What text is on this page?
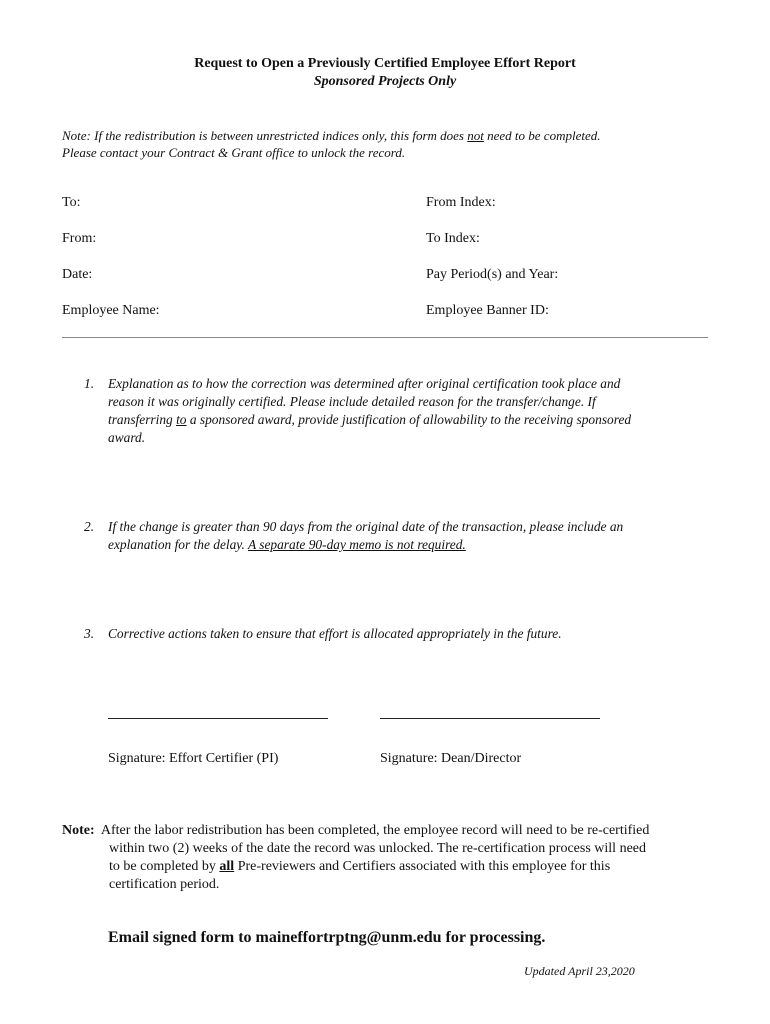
Request to Open a Previously Certified Employee Effort Report
Sponsored Projects Only
Note: If the redistribution is between unrestricted indices only, this form does not need to be completed.
Please contact your Contract & Grant office to unlock the record.
To:	From Index:
From:	To Index:
Date:	Pay Period(s) and Year:
Employee Name:	Employee Banner ID:
1. Explanation as to how the correction was determined after original certification took place and
reason it was originally certified. Please include detailed reason for the transfer/change. If
transferring to a sponsored award, provide justification of allowability to the receiving sponsored
award.
2. If the change is greater than 90 days from the original date of the transaction, please include an
explanation for the delay. A separate 90-day memo is not required.
3. Corrective actions taken to ensure that effort is allocated appropriately in the future.
Signature: Effort Certifier (PI)	Signature: Dean/Director
Note: After the labor redistribution has been completed, the employee record will need to be re-certified
within two (2) weeks of the date the record was unlocked. The re-certification process will need
to be completed by all Pre-reviewers and Certifiers associated with this employee for this
certification period.
Email signed form to maineffortrptng@unm.edu for processing.
Updated April 23,2020
